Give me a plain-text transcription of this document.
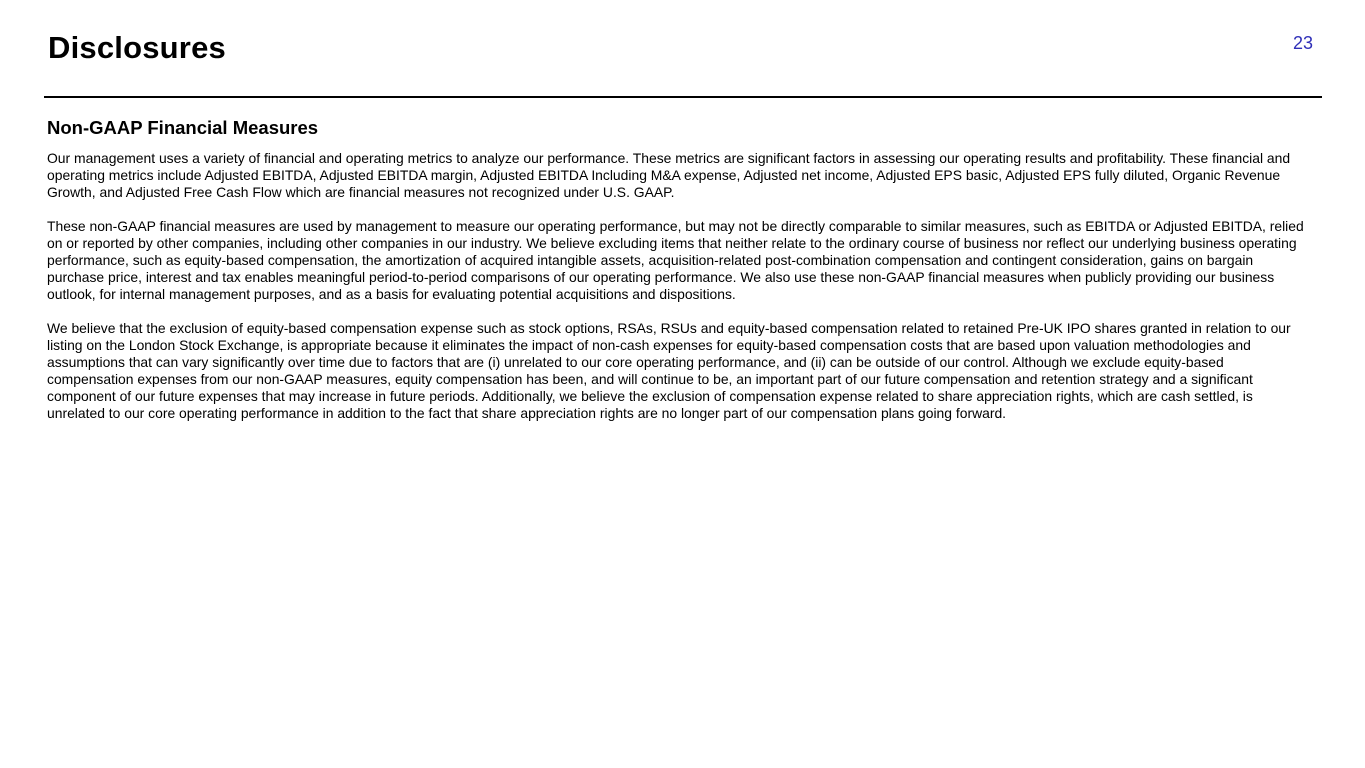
Disclosures	23
Non-GAAP Financial Measures

Our management uses a variety of financial and operating metrics to analyze our performance. These metrics are significant factors in assessing our operating results and profitability. These financial and operating metrics include Adjusted EBITDA, Adjusted EBITDA margin, Adjusted EBITDA Including M&A expense, Adjusted net income, Adjusted EPS basic, Adjusted EPS fully diluted, Organic Revenue Growth, and Adjusted Free Cash Flow which are financial measures not recognized under U.S. GAAP.

These non-GAAP financial measures are used by management to measure our operating performance, but may not be directly comparable to similar measures, such as EBITDA or Adjusted EBITDA, relied on or reported by other companies, including other companies in our industry. We believe excluding items that neither relate to the ordinary course of business nor reflect our underlying business operating performance, such as equity-based compensation, the amortization of acquired intangible assets, acquisition-related post-combination compensation and contingent consideration, gains on bargain purchase price, interest and tax enables meaningful period-to-period comparisons of our operating performance. We also use these non-GAAP financial measures when publicly providing our business outlook, for internal management purposes, and as a basis for evaluating potential acquisitions and dispositions.

We believe that the exclusion of equity-based compensation expense such as stock options, RSAs, RSUs and equity-based compensation related to retained Pre-UK IPO shares granted in relation to our listing on the London Stock Exchange, is appropriate because it eliminates the impact of non-cash expenses for equity-based compensation costs that are based upon valuation methodologies and assumptions that can vary significantly over time due to factors that are (i) unrelated to our core operating performance, and (ii) can be outside of our control. Although we exclude equity-based compensation expenses from our non-GAAP measures, equity compensation has been, and will continue to be, an important part of our future compensation and retention strategy and a significant component of our future expenses that may increase in future periods. Additionally, we believe the exclusion of compensation expense related to share appreciation rights, which are cash settled, is unrelated to our core operating performance in addition to the fact that share appreciation rights are no longer part of our compensation plans going forward.
